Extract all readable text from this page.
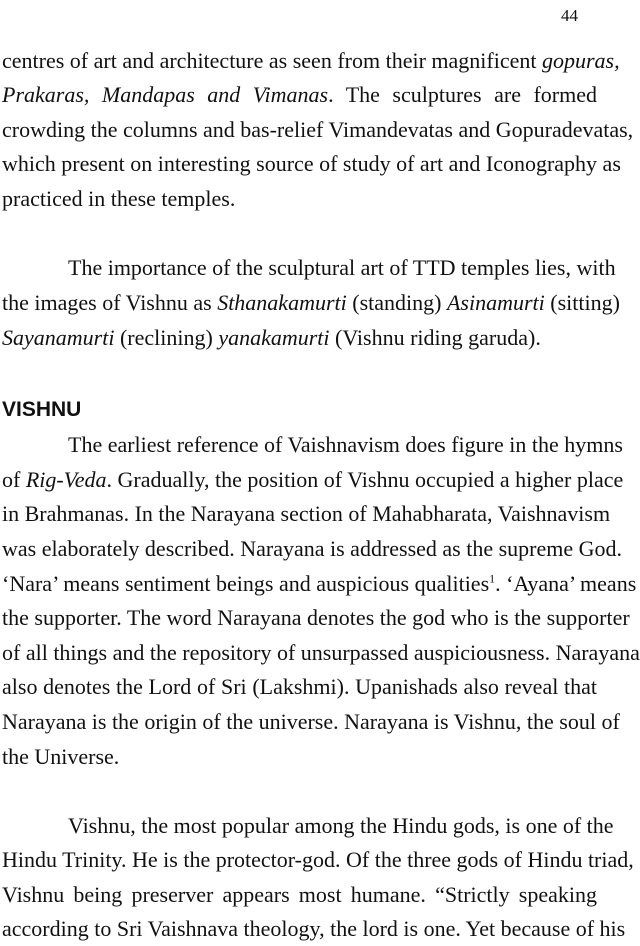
44
centres of art and architecture as seen from their magnificent gopuras,
Prakaras, Mandapas and Vimanas. The sculptures are formed
crowding the columns and bas-relief Vimandevatas and Gopuradevatas,
which present on interesting source of study of art and Iconography as
practiced in these temples.
The importance of the sculptural art of TTD temples lies, with
the images of Vishnu as Sthanakamurti (standing) Asinamurti (sitting)
Sayanamurti (reclining) yanakamurti (Vishnu riding garuda).
VISHNU
The earliest reference of Vaishnavism does figure in the hymns
of Rig-Veda. Gradually, the position of Vishnu occupied a higher place
in Brahmanas. In the Narayana section of Mahabharata, Vaishnavism
was elaborately described. Narayana is addressed as the supreme God.
‘Nara’ means sentiment beings and auspicious qualities$^1$. ‘Ayana’ means
the supporter. The word Narayana denotes the god who is the supporter
of all things and the repository of unsurpassed auspiciousness. Narayana
also denotes the Lord of Sri (Lakshmi). Upanishads also reveal that
Narayana is the origin of the universe. Narayana is Vishnu, the soul of
the Universe.
Vishnu, the most popular among the Hindu gods, is one of the
Hindu Trinity. He is the protector-god. Of the three gods of Hindu triad,
Vishnu being preserver appears most humane. “Strictly speaking
according to Sri Vaishnava theology, the lord is one. Yet because of his
